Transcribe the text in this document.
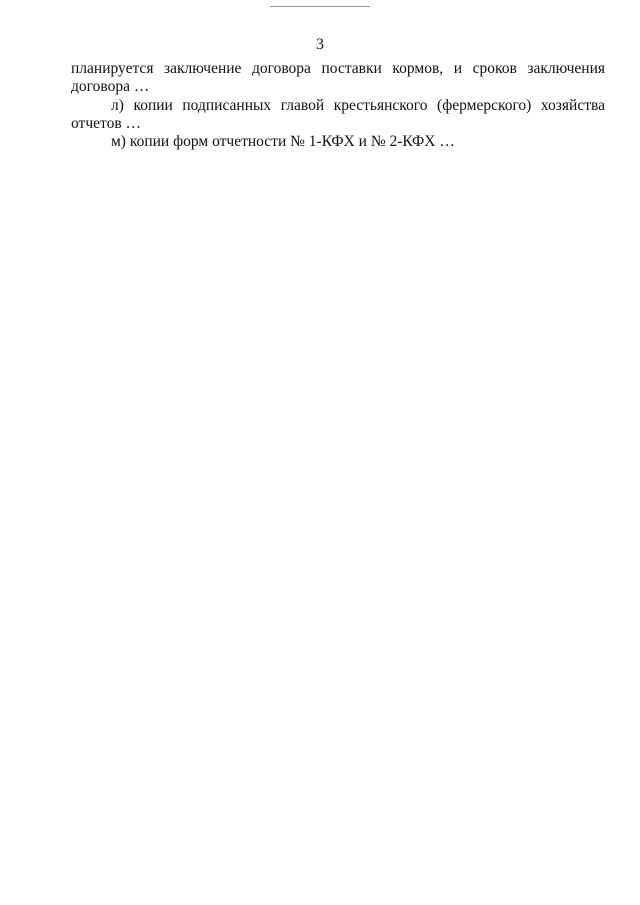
3

планируется заключение договора поставки кормов, и сроков заключения договора …

л) копии подписанных главой крестьянского (фермерского) хозяйства отчетов …

м) копии форм отчетности № 1-КФХ и № 2-КФХ …
